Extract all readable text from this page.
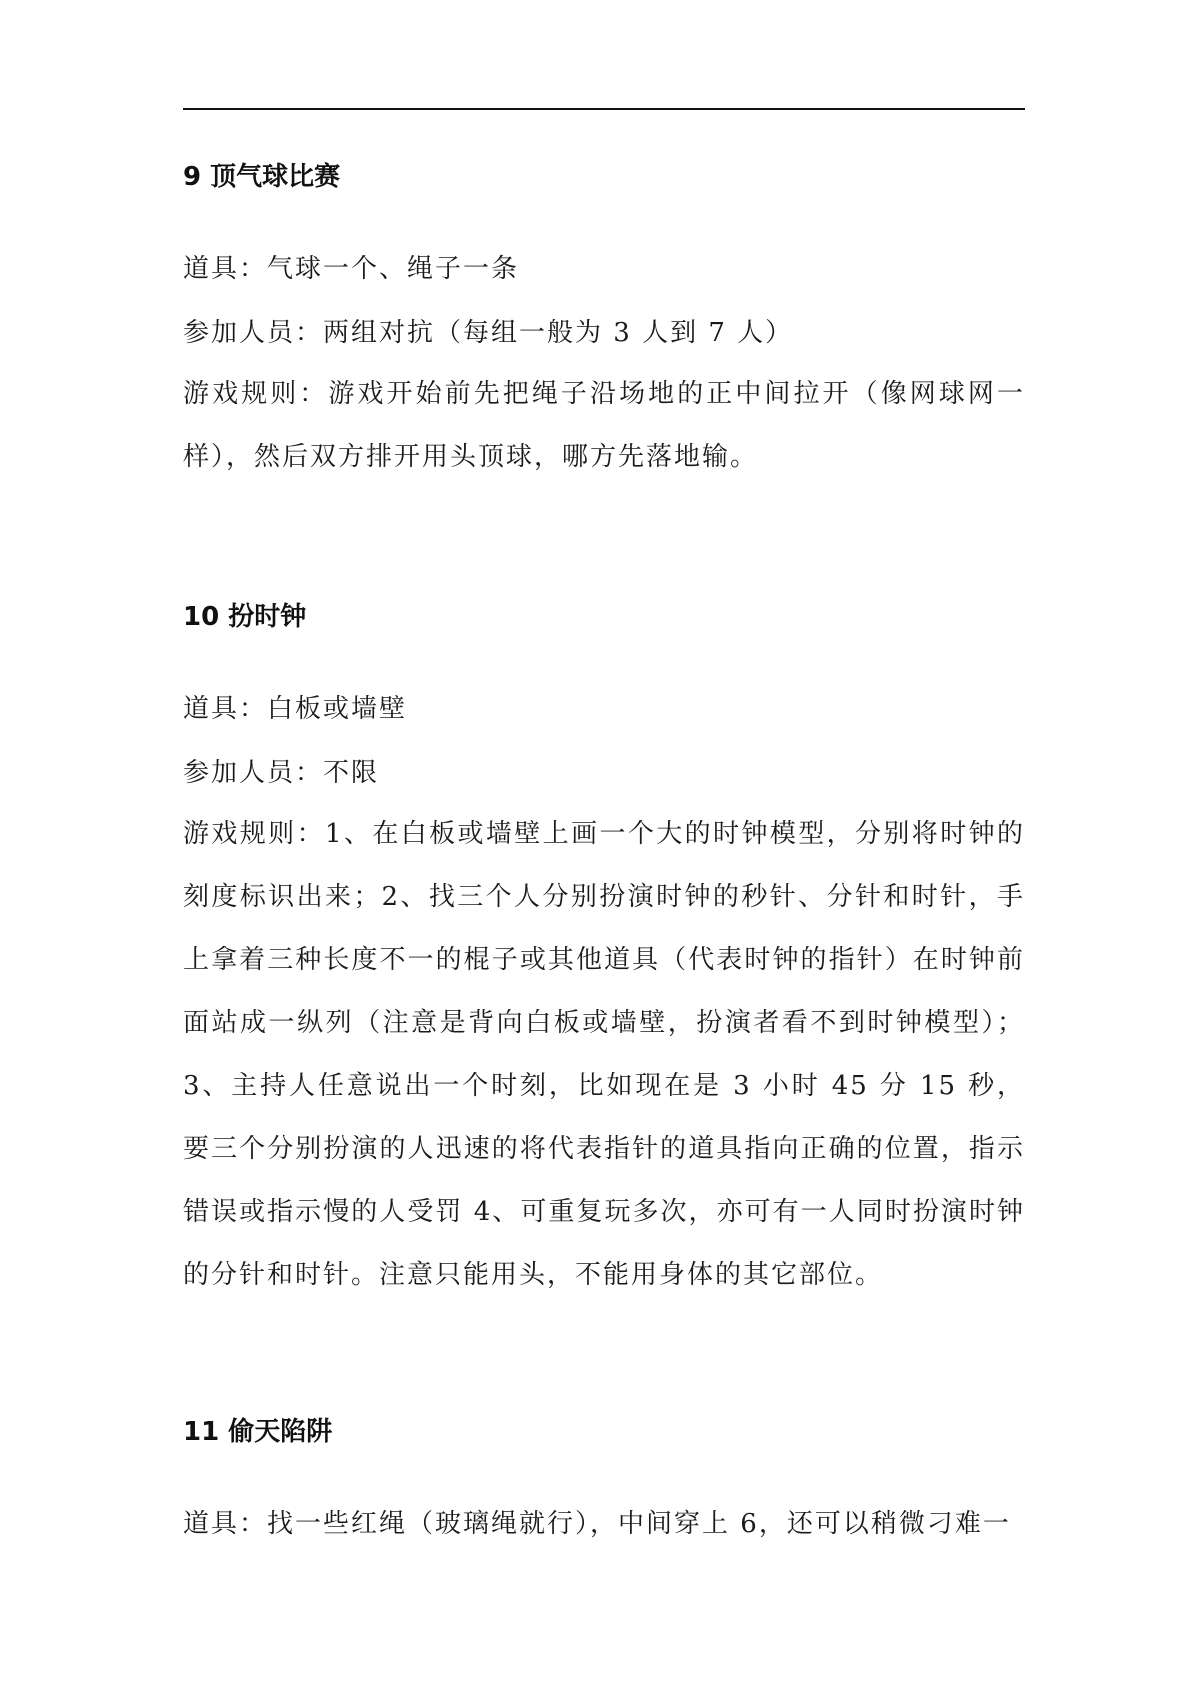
9 顶气球比赛
道具：气球一个、绳子一条
参加人员：两组对抗（每组一般为 3 人到 7 人）
游戏规则：游戏开始前先把绳子沿场地的正中间拉开（像网球网一样），然后双方排开用头顶球，哪方先落地输。
10 扮时钟
道具：白板或墙壁
参加人员：不限
游戏规则：1、在白板或墙壁上画一个大的时钟模型，分别将时钟的刻度标识出来；2、找三个人分别扮演时钟的秒针、分针和时针，手上拿着三种长度不一的棍子或其他道具（代表时钟的指针）在时钟前面站成一纵列（注意是背向白板或墙壁，扮演者看不到时钟模型）；3、主持人任意说出一个时刻，比如现在是 3 小时 45 分 15 秒，要三个分别扮演的人迅速的将代表指针的道具指向正确的位置，指示错误或指示慢的人受罚 4、可重复玩多次，亦可有一人同时扮演时钟的分针和时针。注意只能用头，不能用身体的其它部位。
11 偷天陷阱
道具：找一些红绳（玻璃绳就行），中间穿上 6，还可以稍微刁难一
